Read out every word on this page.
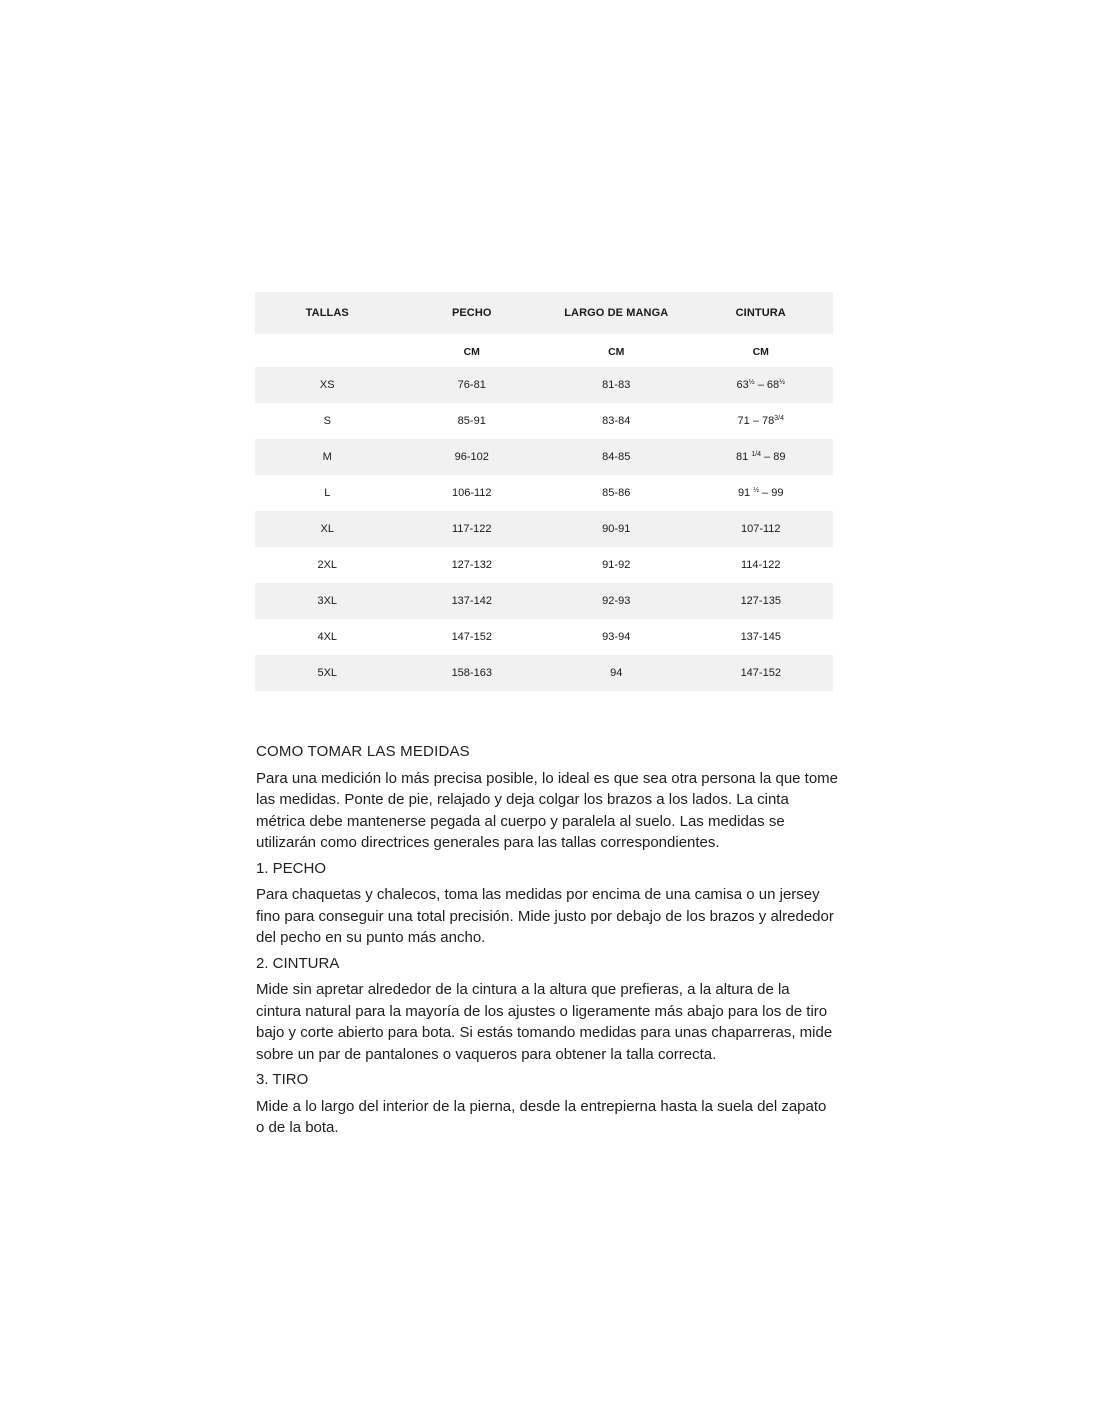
TALLAS	PECHO	LARGO DE MANGA	CINTURA
	CM	CM	CM
XS	76-81	81-83	$63^{\frac{1}{2}} - 68^{\frac{1}{2}}$
S	85-91	83-84	$71 - 78^{3/4}$
M	96-102	84-85	81 $^{1/4}$ – 89
L	106-112	85-86	91 $^{\frac{1}{2}}$ – 99
XL	117-122	90-91	107-112
2XL	127-132	91-92	114-122
3XL	137-142	92-93	127-135
4XL	147-152	93-94	137-145
5XL	158-163	94	147-152
COMO TOMAR LAS MEDIDAS

Para una medición lo más precisa posible, lo ideal es que sea otra persona la que tome las medidas. Ponte de pie, relajado y deja colgar los brazos a los lados. La cinta métrica debe mantenerse pegada al cuerpo y paralela al suelo. Las medidas se utilizarán como directrices generales para las tallas correspondientes.

1. PECHO

Para chaquetas y chalecos, toma las medidas por encima de una camisa o un jersey fino para conseguir una total precisión. Mide justo por debajo de los brazos y alrededor del pecho en su punto más ancho.

2. CINTURA

Mide sin apretar alrededor de la cintura a la altura que prefieras, a la altura de la cintura natural para la mayoría de los ajustes o ligeramente más abajo para los de tiro bajo y corte abierto para bota. Si estás tomando medidas para unas chaparreras, mide sobre un par de pantalones o vaqueros para obtener la talla correcta.

3. TIRO

Mide a lo largo del interior de la pierna, desde la entrepierna hasta la suela del zapato o de la bota.
